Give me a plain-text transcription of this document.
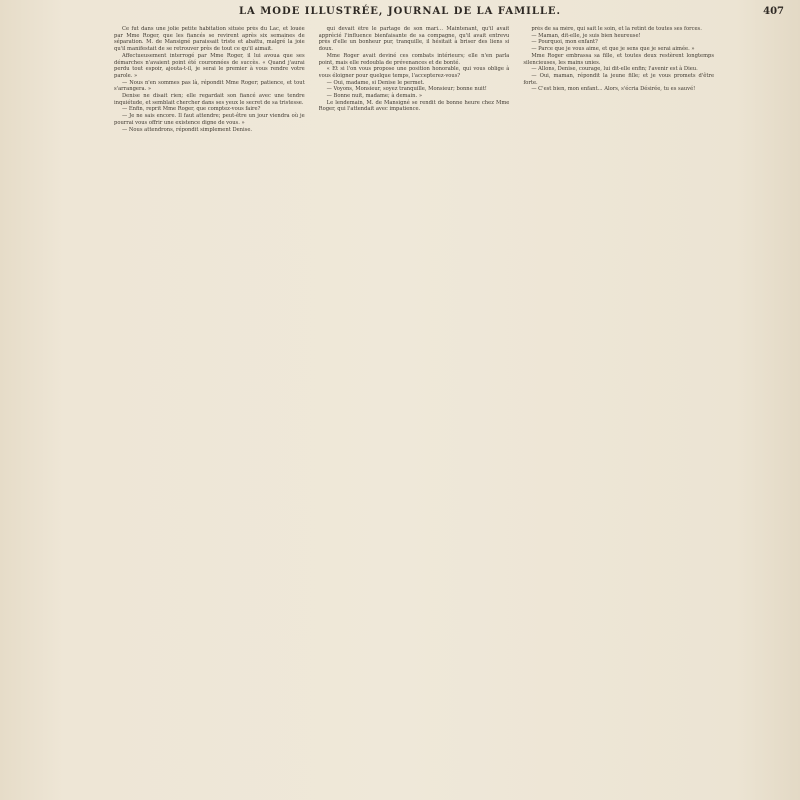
LA MODE ILLUSTRÉE, JOURNAL DE LA FAMILLE.	407

Ce fut dans une jolie petite habitation située près du Lac, et louée par Mme Roger, que les fiancés se revirent après six semaines de séparation. M. de Mansigné paraissait triste et abattu, malgré la joie qu'il manifestait de se retrouver près de tout ce qu'il aimait.

Affectueusement interrogé par Mme Roger, il lui avoua que ses démarches n'avaient point été couronnées de succès. « Quand j'aurai perdu tout espoir, ajouta-t-il, je serai le premier à vous rendre votre parole. »

— Nous n'en sommes pas là, répondit Mme Roger; patience, et tout s'arrangera. »

Denise ne disait rien; elle regardait son fiancé avec une tendre inquiétude, et semblait chercher dans ses yeux le secret de sa tristesse.

— Enfin, reprit Mme Roger, que comptez-vous faire?

— Je ne sais encore. Il faut attendre; peut-être un jour viendra où je pourrai vous offrir une existence digne de vous. »

— Nous attendrons, répondit simplement Denise.

qui devait être le partage de son mari... Maintenant, qu'il avait apprécié l'influence bienfaisante de sa compagne, qu'il avait entrevu près d'elle un bonheur pur, tranquille, il hésitait à briser des liens si doux.

Mme Roger avait deviné ces combats intérieurs; elle n'en parla point, mais elle redoubla de prévenances et de bonté.

« Et si l'on vous propose une position honorable, qui vous oblige à vous éloigner pour quelque temps, l'accepterez-vous?

— Oui, madame, si Denise le permet.

— Voyons, Monsieur, soyez tranquille, Monsieur; bonne nuit!

— Bonne nuit, madame; à demain. »

Le lendemain, M. de Mansigné se rendit de bonne heure chez Mme Roger, qui l'attendait avec impatience.

près de sa mère, qui sait le soin, et la retint de toutes ses forces.

— Maman, dit-elle, je suis bien heureuse!

— Pourquoi, mon enfant?

— Parce que je vous aime, et que je sens que je serai aimée. »

Mme Roger embrassa sa fille, et toutes deux restèrent longtemps silencieuses, les mains unies.

— Allons, Denise, courage, lui dit-elle enfin; l'avenir est à Dieu.

— Oui, maman, répondit la jeune fille; et je vous promets d'être forte.

— C'est bien, mon enfant... Alors, s'écria Désirée, tu es sauvé!
